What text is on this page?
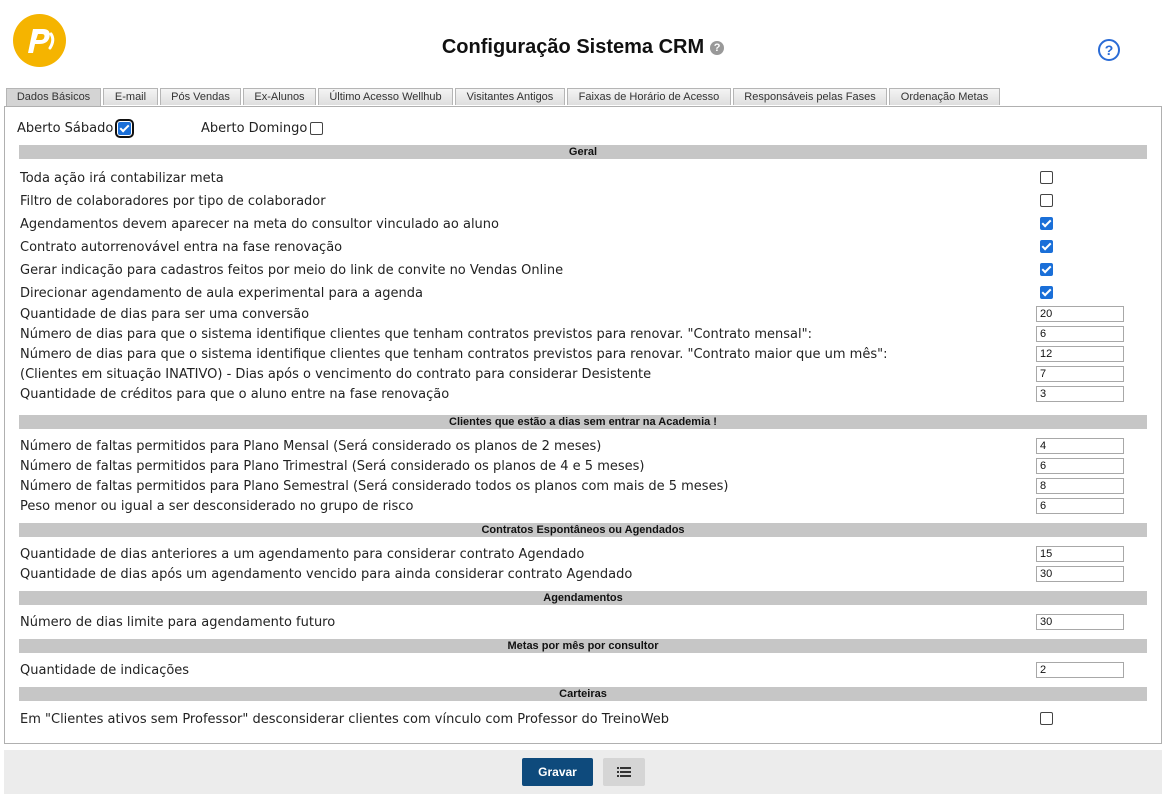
Configuração Sistema CRM ?	?
Dados Básicos	E-mail	Pós Vendas	Ex-Alunos	Último Acesso Wellhub	Visitantes Antigos	Faixas de Horário de Acesso	Responsáveis pelas Fases	Ordenação Metas
Aberto Sábado	Aberto Domingo
Geral
Toda ação irá contabilizar meta
Filtro de colaboradores por tipo de colaborador
Agendamentos devem aparecer na meta do consultor vinculado ao aluno
Contrato autorrenovável entra na fase renovação
Gerar indicação para cadastros feitos por meio do link de convite no Vendas Online
Direcionar agendamento de aula experimental para a agenda
Quantidade de dias para ser uma conversão	20
Número de dias para que o sistema identifique clientes que tenham contratos previstos para renovar. "Contrato mensal":	6
Número de dias para que o sistema identifique clientes que tenham contratos previstos para renovar. "Contrato maior que um mês":	12
(Clientes em situação INATIVO) - Dias após o vencimento do contrato para considerar Desistente	7
Quantidade de créditos para que o aluno entre na fase renovação	3
Clientes que estão a dias sem entrar na Academia !
Número de faltas permitidos para Plano Mensal (Será considerado os planos de 2 meses)	4
Número de faltas permitidos para Plano Trimestral (Será considerado os planos de 4 e 5 meses)	6
Número de faltas permitidos para Plano Semestral (Será considerado todos os planos com mais de 5 meses)	8
Peso menor ou igual a ser desconsiderado no grupo de risco	6
Contratos Espontâneos ou Agendados
Quantidade de dias anteriores a um agendamento para considerar contrato Agendado	15
Quantidade de dias após um agendamento vencido para ainda considerar contrato Agendado	30
Agendamentos
Número de dias limite para agendamento futuro	30
Metas por mês por consultor
Quantidade de indicações	2
Carteiras
Em "Clientes ativos sem Professor" desconsiderar clientes com vínculo com Professor do TreinoWeb
Gravar
